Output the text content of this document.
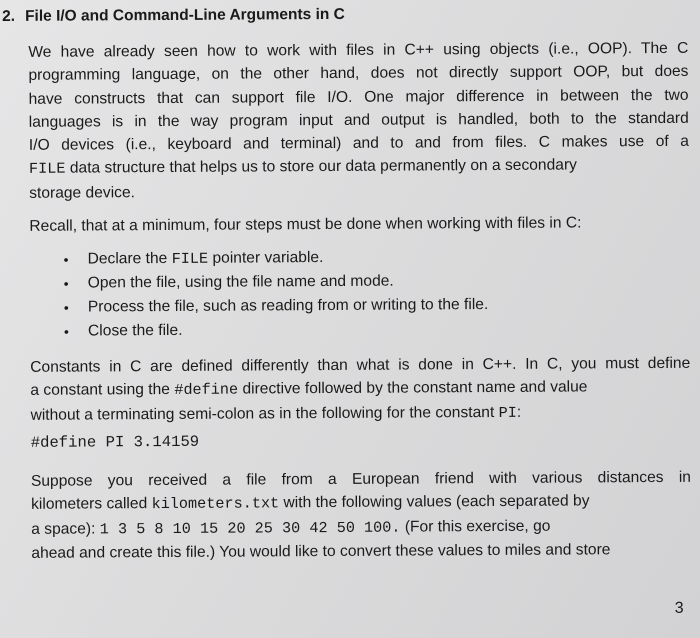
2. File I/O and Command-Line Arguments in C
We have already seen how to work with files in C++ using objects (i.e., OOP). The C
programming language, on the other hand, does not directly support OOP, but does
have constructs that can support file I/O. One major difference in between the two
languages is in the way program input and output is handled, both to the standard
I/O devices (i.e., keyboard and terminal) and to and from files. C makes use of a
FILE data structure that helps us to store our data permanently on a secondary
storage device.
Recall, that at a minimum, four steps must be done when working with files in C:
• Declare the FILE pointer variable.
• Open the file, using the file name and mode.
• Process the file, such as reading from or writing to the file.
• Close the file.
Constants in C are defined differently than what is done in C++. In C, you must define
a constant using the #define directive followed by the constant name and value
without a terminating semi-colon as in the following for the constant PI:
#define PI 3.14159
Suppose you received a file from a European friend with various distances in
kilometers called kilometers.txt with the following values (each separated by
a space): 1 3 5 8 10 15 20 25 30 42 50 100. (For this exercise, go
ahead and create this file.) You would like to convert these values to miles and store
3
